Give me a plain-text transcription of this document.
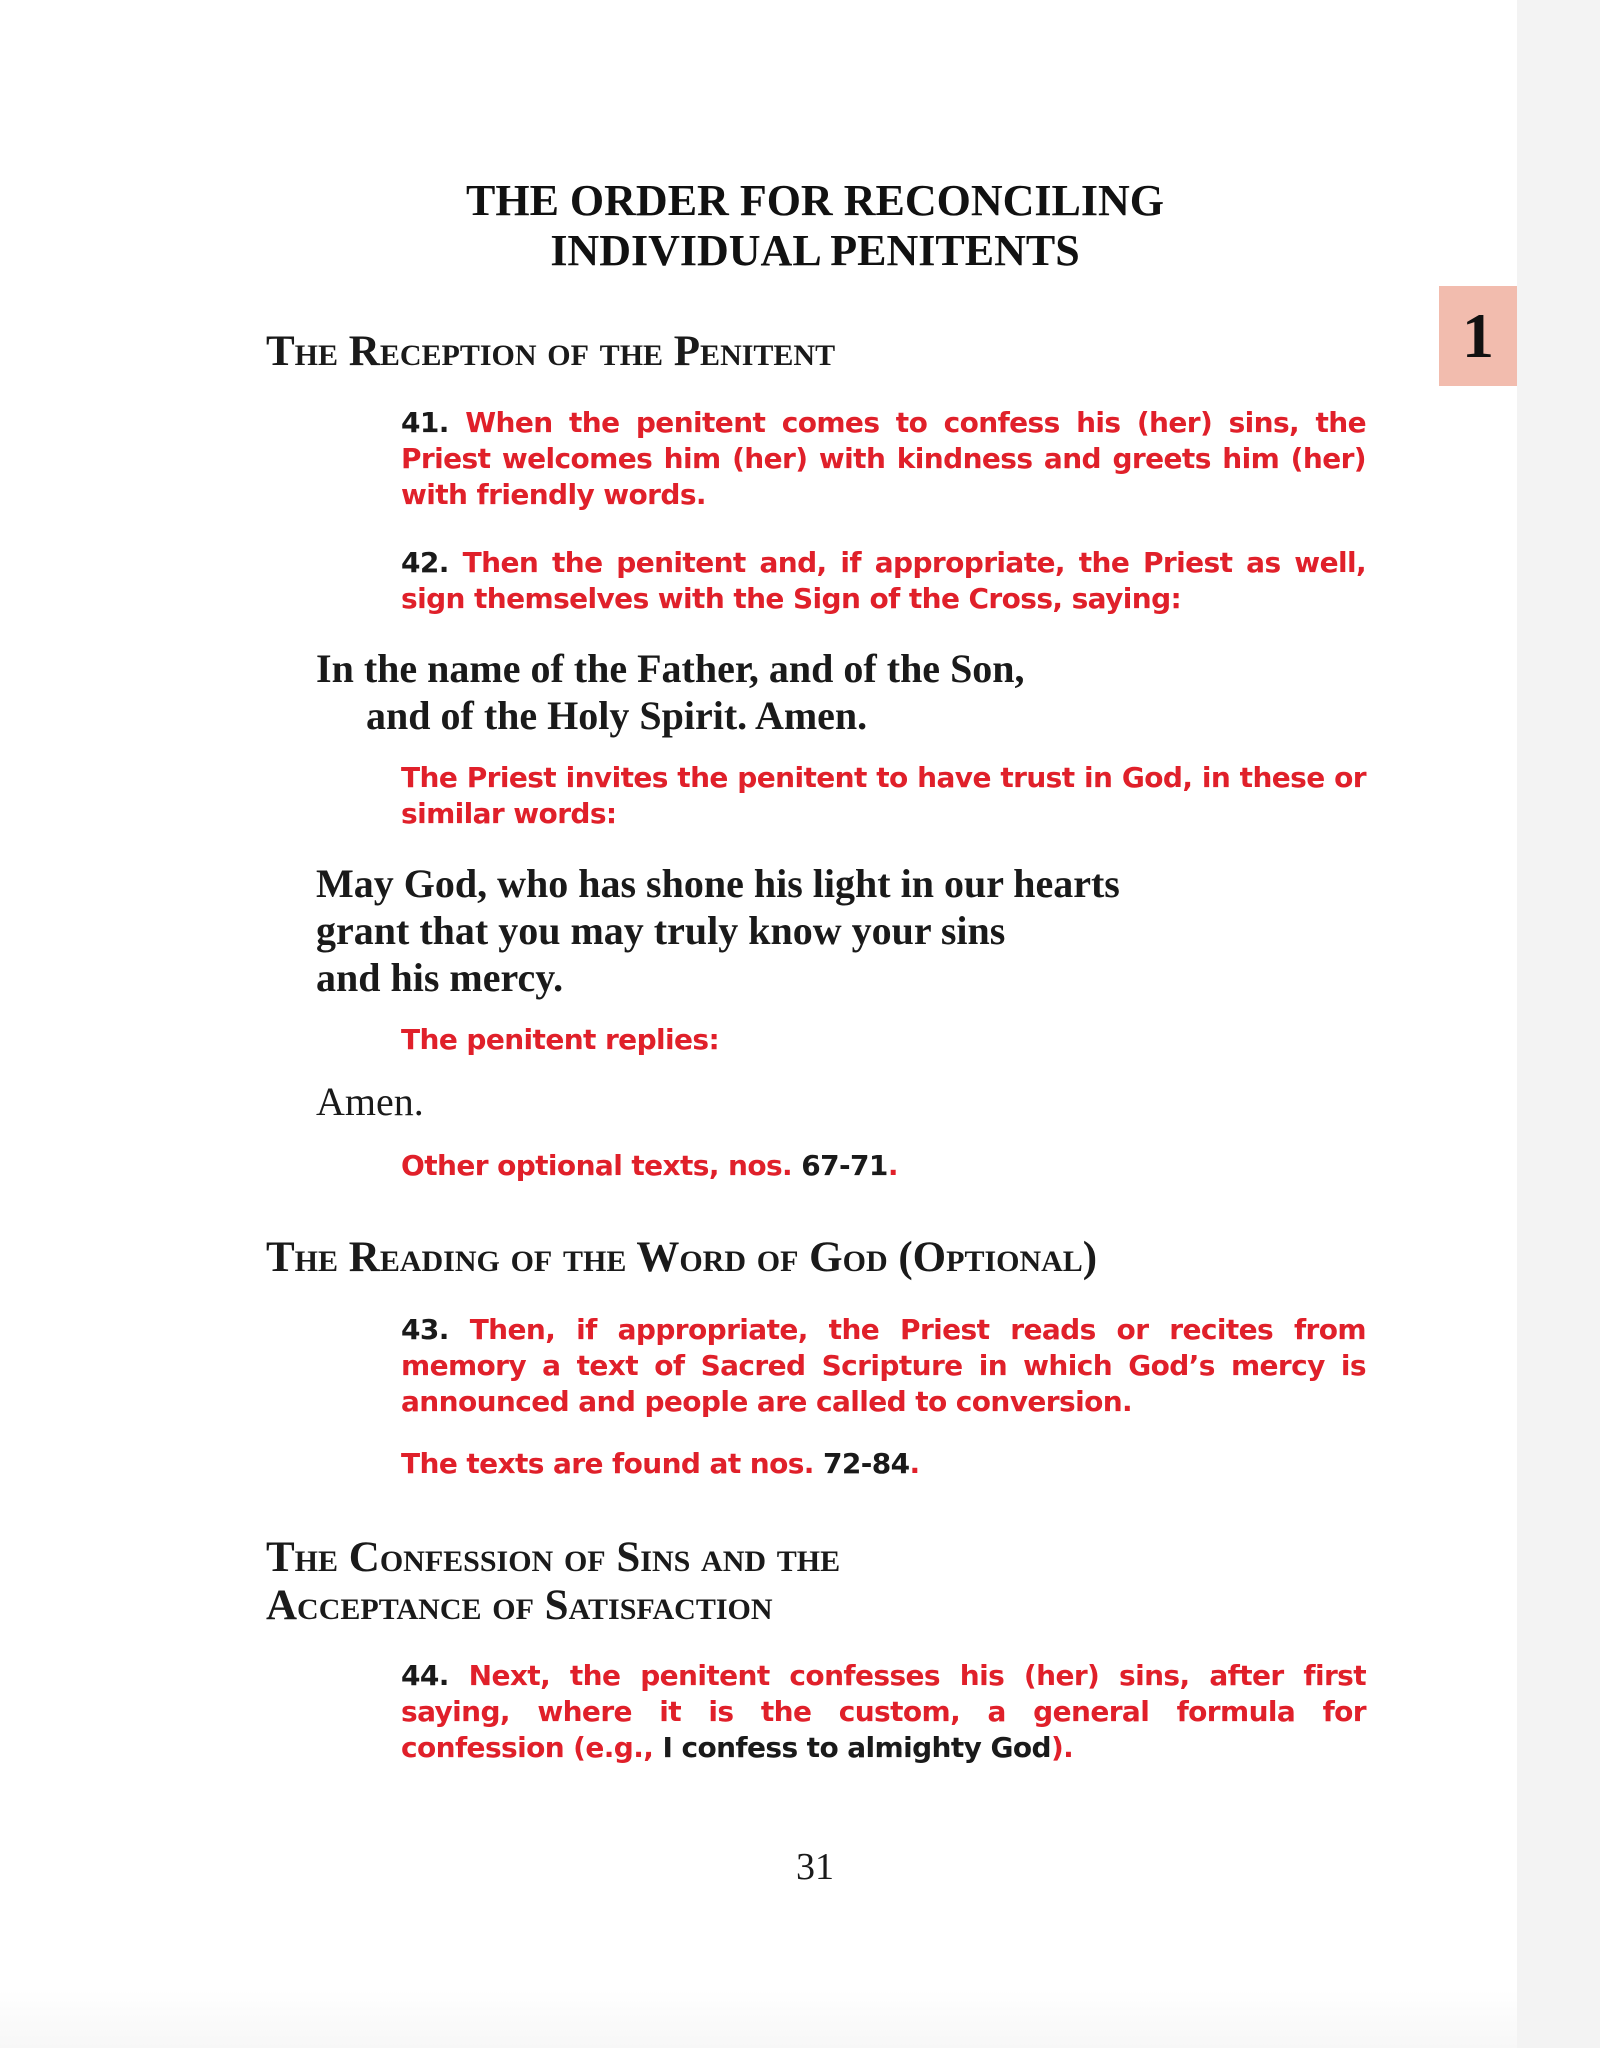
1
THE ORDER FOR RECONCILING
INDIVIDUAL PENITENTS
The Reception of the Penitent

41. When the penitent comes to confess his (her) sins, the Priest welcomes him (her) with kindness and greets him (her) with friendly words.

42. Then the penitent and, if appropriate, the Priest as well, sign themselves with the Sign of the Cross, saying:

In the name of the Father, and of the Son,
and of the Holy Spirit. Amen.

The Priest invites the penitent to have trust in God, in these or similar words:

May God, who has shone his light in our hearts
grant that you may truly know your sins
and his mercy.

The penitent replies:

Amen.

Other optional texts, nos. 67-71.

The Reading of the Word of God (Optional)

43. Then, if appropriate, the Priest reads or recites from memory a text of Sacred Scripture in which God’s mercy is announced and people are called to conversion.

The texts are found at nos. 72-84.

The Confession of Sins and the
Acceptance of Satisfaction

44. Next, the penitent confesses his (her) sins, after first saying, where it is the custom, a general formula for confession (e.g., I confess to almighty God).

31
